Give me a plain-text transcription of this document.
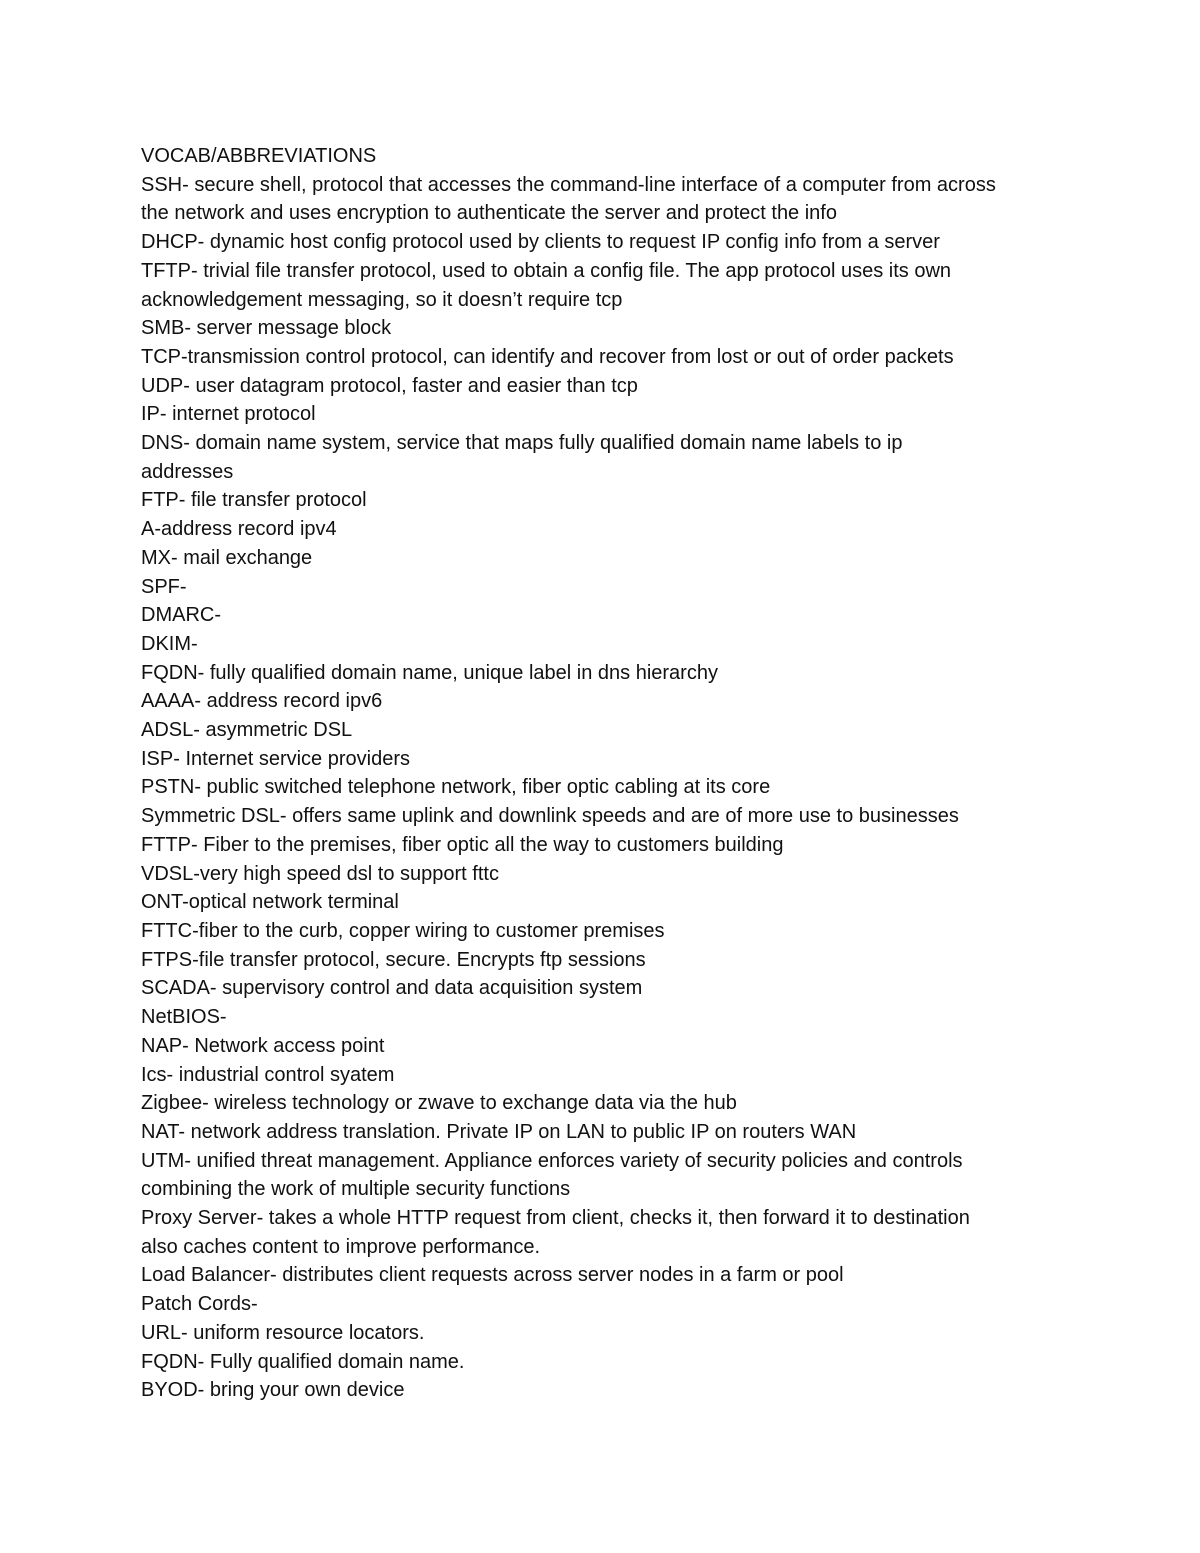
VOCAB/ABBREVIATIONS

SSH- secure shell, protocol that accesses the command-line interface of a computer from across

the network and uses encryption to authenticate the server and protect the info

DHCP- dynamic host config protocol used by clients to request IP config info from a server

TFTP- trivial file transfer protocol, used to obtain a config file. The app protocol uses its own

acknowledgement messaging, so it doesn’t require tcp

SMB- server message block

TCP-transmission control protocol, can identify and recover from lost or out of order packets

UDP- user datagram protocol, faster and easier than tcp

IP- internet protocol

DNS- domain name system, service that maps fully qualified domain name labels to ip

addresses

FTP- file transfer protocol

A-address record ipv4

MX- mail exchange

SPF-

DMARC-

DKIM-

FQDN- fully qualified domain name, unique label in dns hierarchy

AAAA- address record ipv6

ADSL- asymmetric DSL

ISP- Internet service providers

PSTN- public switched telephone network, fiber optic cabling at its core

Symmetric DSL- offers same uplink and downlink speeds and are of more use to businesses

FTTP- Fiber to the premises, fiber optic all the way to customers building

VDSL-very high speed dsl to support fttc

ONT-optical network terminal

FTTC-fiber to the curb, copper wiring to customer premises

FTPS-file transfer protocol, secure. Encrypts ftp sessions

SCADA- supervisory control and data acquisition system

NetBIOS-

NAP- Network access point

Ics- industrial control syatem

Zigbee- wireless technology or zwave to exchange data via the hub

NAT- network address translation. Private IP on LAN to public IP on routers WAN

UTM- unified threat management. Appliance enforces variety of security policies and controls

combining the work of multiple security functions

Proxy Server- takes a whole HTTP request from client, checks it, then forward it to destination

also caches content to improve performance.

Load Balancer- distributes client requests across server nodes in a farm or pool

Patch Cords-

URL- uniform resource locators.

FQDN- Fully qualified domain name.

BYOD- bring your own device
